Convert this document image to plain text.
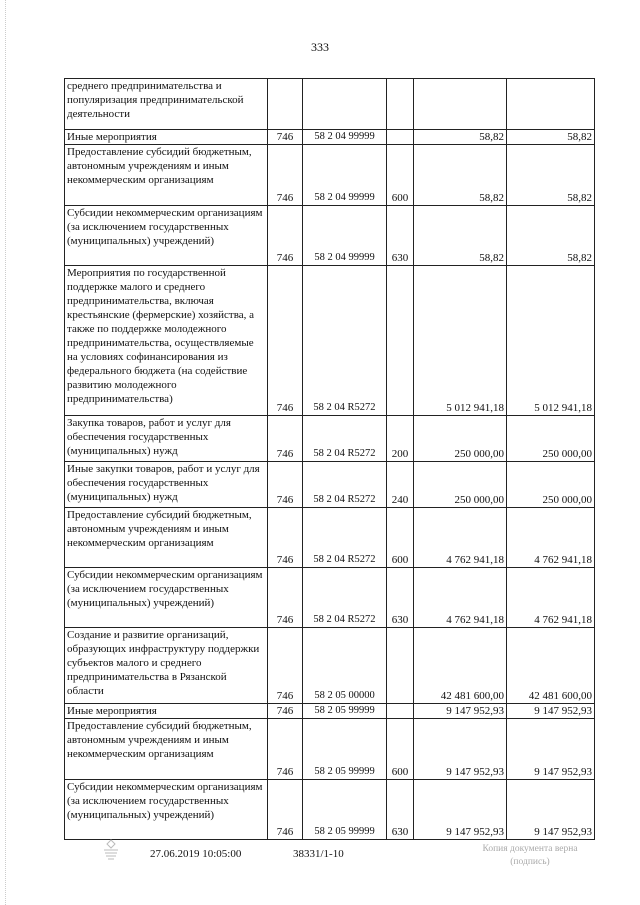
333
среднего предпринимательства и популяризация предпринимательской деятельности					
Иные мероприятия	746	58 2 04 99999		58,82	58,82
Предоставление субсидий бюджетным, автономным учреждениям и иным некоммерческим организациям	746	58 2 04 99999	600	58,82	58,82
Субсидии некоммерческим организациям (за исключением государственных (муниципальных) учреждений)	746	58 2 04 99999	630	58,82	58,82
Мероприятия по государственной поддержке малого и среднего предпринимательства, включая крестьянские (фермерские) хозяйства, а также по поддержке молодежного предпринимательства, осуществляемые на условиях софинансирования из федерального бюджета (на содействие развитию молодежного предпринимательства)	746	58 2 04 R5272		5 012 941,18	5 012 941,18
Закупка товаров, работ и услуг для обеспечения государственных (муниципальных) нужд	746	58 2 04 R5272	200	250 000,00	250 000,00
Иные закупки товаров, работ и услуг для обеспечения государственных (муниципальных) нужд	746	58 2 04 R5272	240	250 000,00	250 000,00
Предоставление субсидий бюджетным, автономным учреждениям и иным некоммерческим организациям	746	58 2 04 R5272	600	4 762 941,18	4 762 941,18
Субсидии некоммерческим организациям (за исключением государственных (муниципальных) учреждений)	746	58 2 04 R5272	630	4 762 941,18	4 762 941,18
Создание и развитие организаций, образующих инфраструктуру поддержки субъектов малого и среднего предпринимательства в Рязанской области	746	58 2 05 00000		42 481 600,00	42 481 600,00
Иные мероприятия	746	58 2 05 99999		9 147 952,93	9 147 952,93
Предоставление субсидий бюджетным, автономным учреждениям и иным некоммерческим организациям	746	58 2 05 99999	600	9 147 952,93	9 147 952,93
Субсидии некоммерческим организациям (за исключением государственных (муниципальных) учреждений)	746	58 2 05 99999	630	9 147 952,93	9 147 952,93
27.06.2019 10:05:00	38331/1-10	Копия документа верна
(подпись)
